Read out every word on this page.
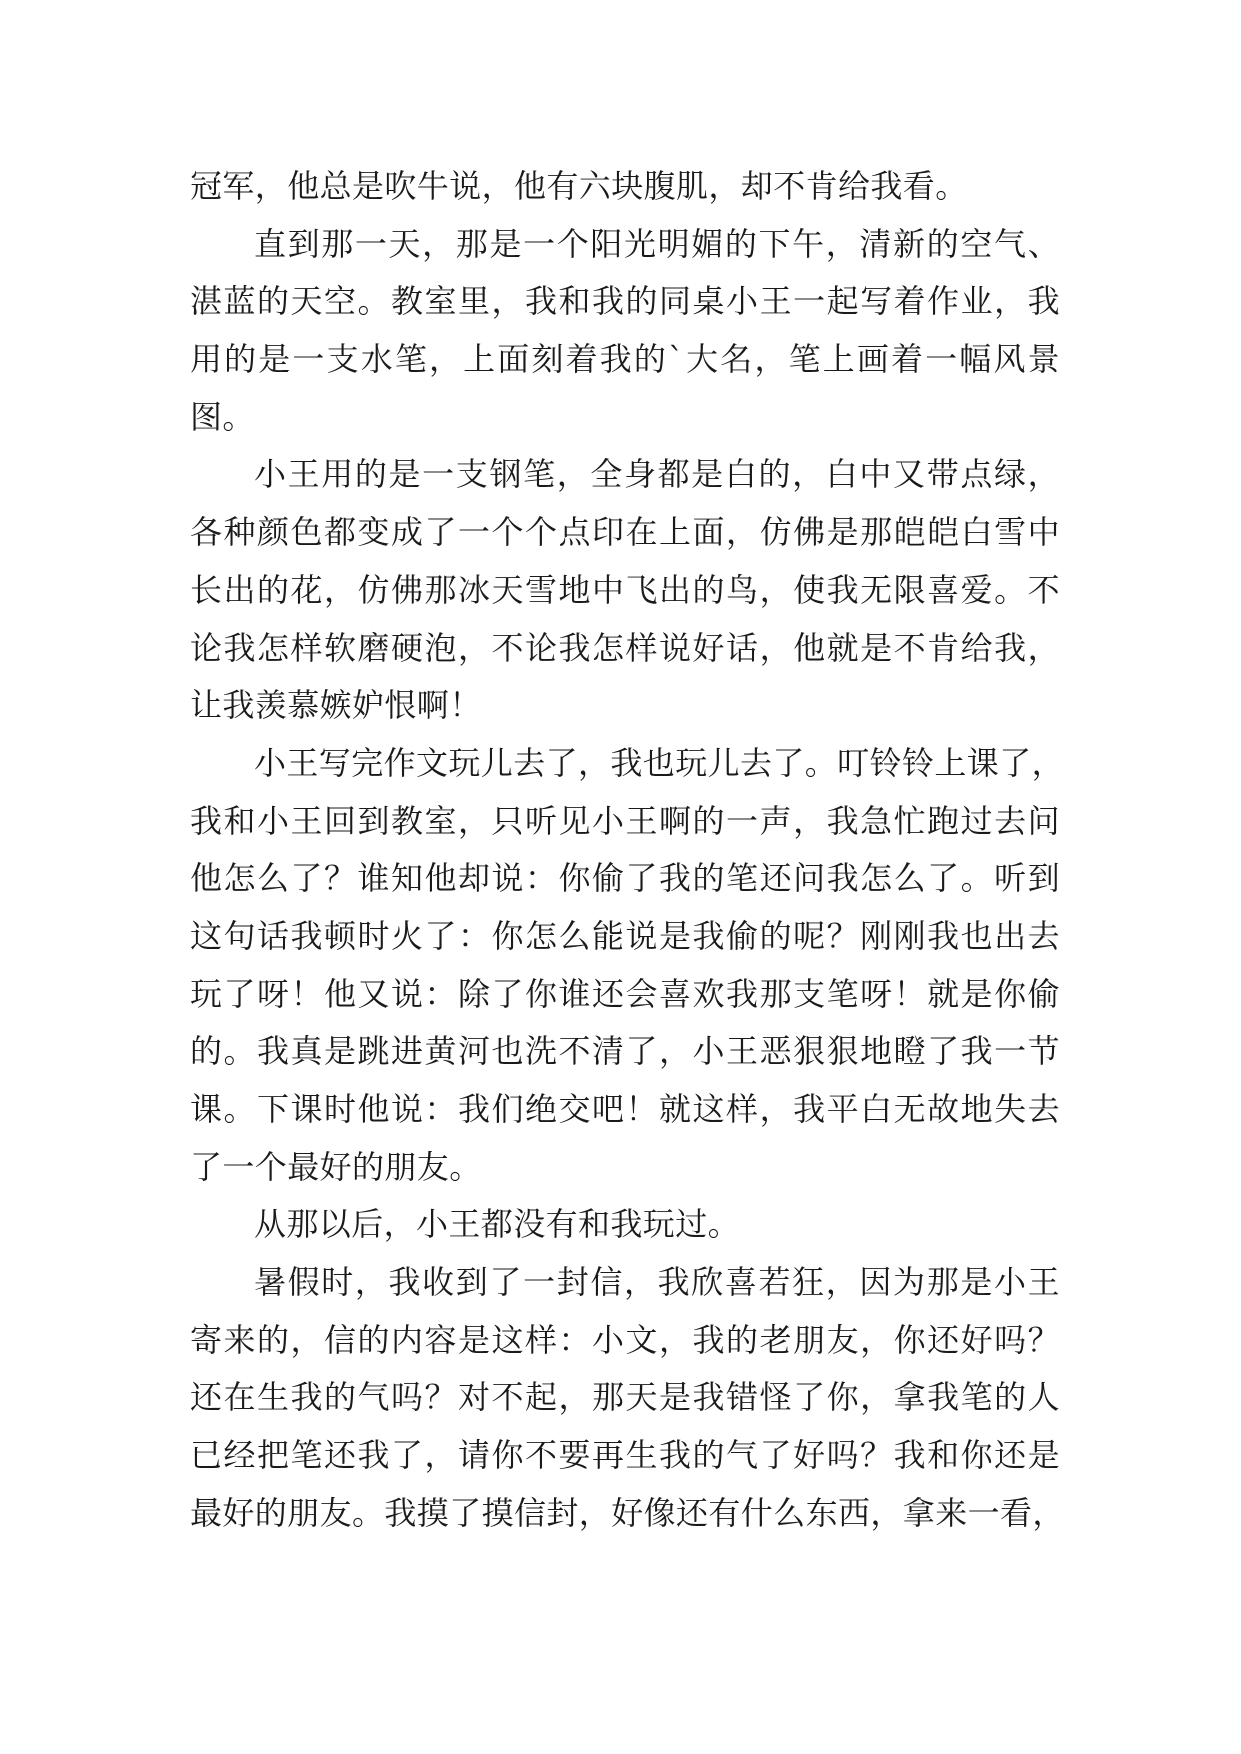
冠军，他总是吹牛说，他有六块腹肌，却不肯给我看。
直到那一天，那是一个阳光明媚的下午，清新的空气、
湛蓝的天空。教室里，我和我的同桌小王一起写着作业，我
用的是一支水笔，上面刻着我的`大名，笔上画着一幅风景
图。
小王用的是一支钢笔，全身都是白的，白中又带点绿，
各种颜色都变成了一个个点印在上面，仿佛是那皑皑白雪中
长出的花，仿佛那冰天雪地中飞出的鸟，使我无限喜爱。不
论我怎样软磨硬泡，不论我怎样说好话，他就是不肯给我，
让我羡慕嫉妒恨啊！
小王写完作文玩儿去了，我也玩儿去了。叮铃铃上课了，
我和小王回到教室，只听见小王啊的一声，我急忙跑过去问
他怎么了？谁知他却说：你偷了我的笔还问我怎么了。听到
这句话我顿时火了：你怎么能说是我偷的呢？刚刚我也出去
玩了呀！他又说：除了你谁还会喜欢我那支笔呀！就是你偷
的。我真是跳进黄河也洗不清了，小王恶狠狠地瞪了我一节
课。下课时他说：我们绝交吧！就这样，我平白无故地失去
了一个最好的朋友。
从那以后，小王都没有和我玩过。
暑假时，我收到了一封信，我欣喜若狂，因为那是小王
寄来的，信的内容是这样：小文，我的老朋友，你还好吗？
还在生我的气吗？对不起，那天是我错怪了你，拿我笔的人
已经把笔还我了，请你不要再生我的气了好吗？我和你还是
最好的朋友。我摸了摸信封，好像还有什么东西，拿来一看，
